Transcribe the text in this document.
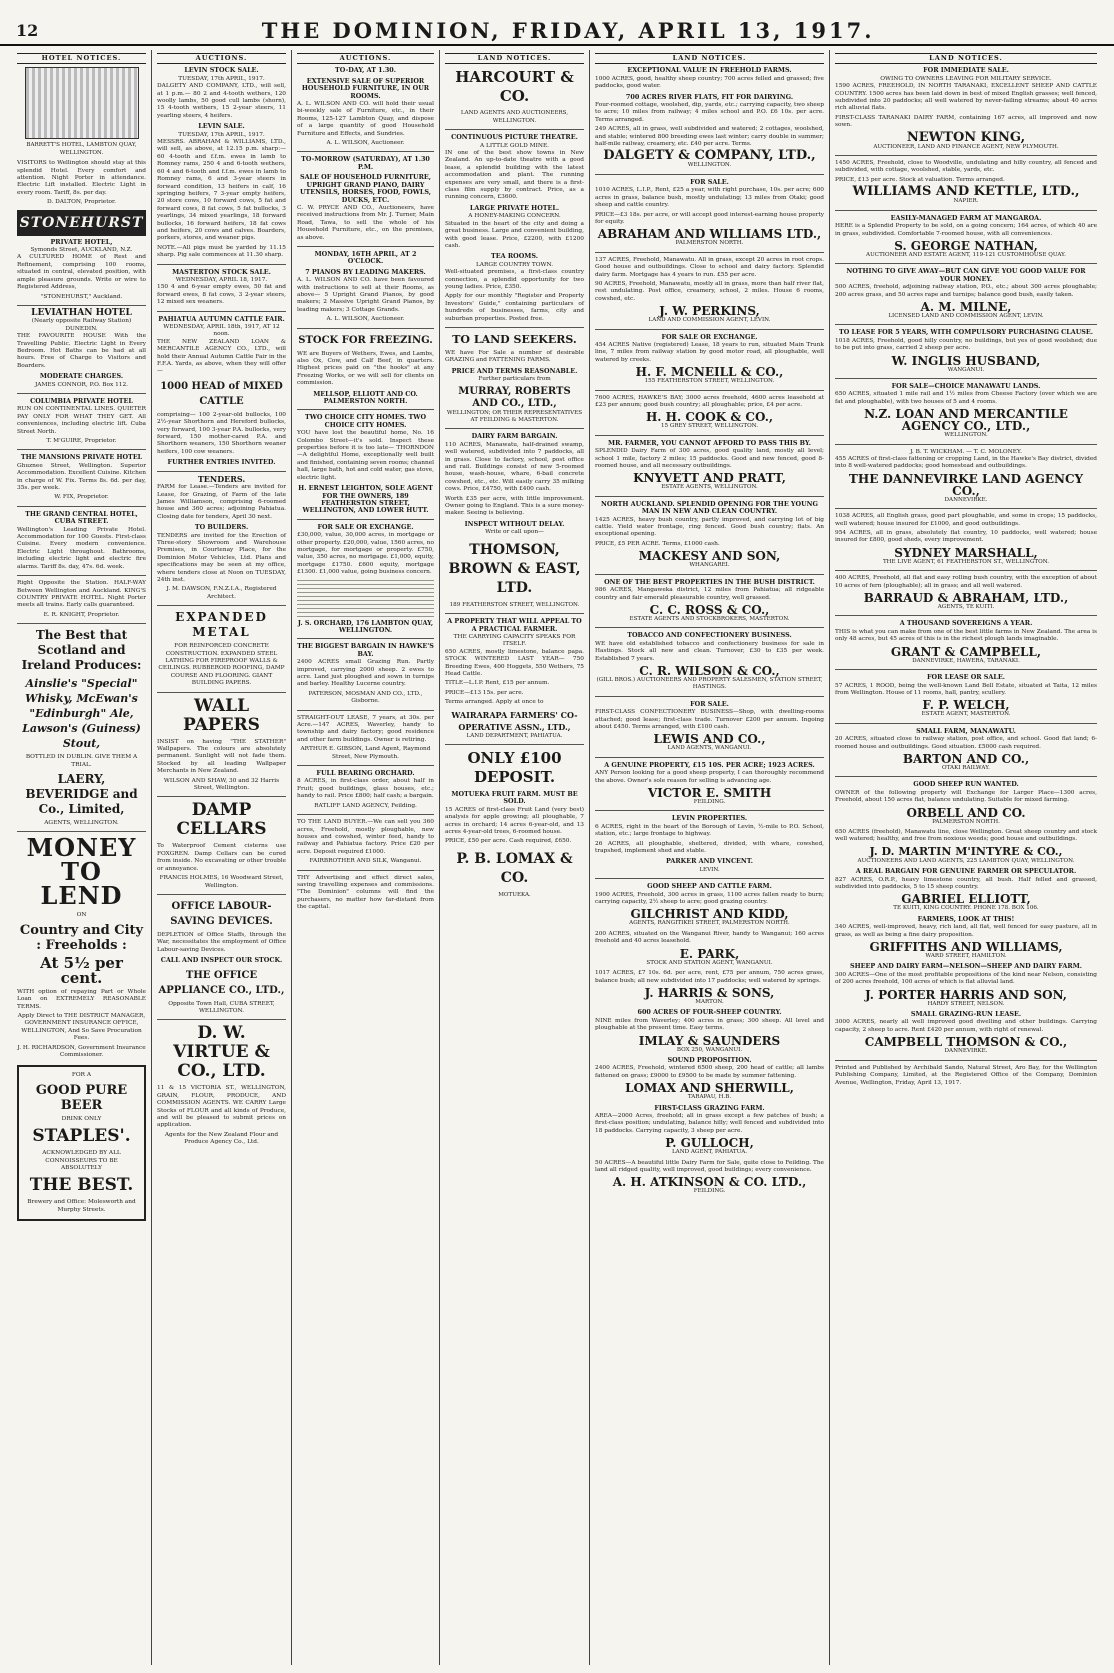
12	THE DOMINION, FRIDAY, APRIL 13, 1917.
HOTEL NOTICES.
BARRETT'S HOTEL, LAMBTON QUAY, WELLINGTON.

VISITORS to Wellington should stay at this splendid Hotel. Every comfort and attention. Night Porter in attendance. Electric Lift installed. Electric Light in every room. Tariff, 8s. per day.

D. DALTON, Proprietor.
STONEHURST
PRIVATE HOTEL,
Symonds Street, AUCKLAND, N.Z.

A CULTURED HOME of Rest and Refinement, comprising 100 rooms, situated in central, elevated position, with ample pleasure grounds. Write or wire to Registered Address,

"STONEHURST," Auckland.
LEVIATHAN HOTEL
(Nearly opposite Railway Station) DUNEDIN.

THE FAVOURITE HOUSE With the Travelling Public. Electric Light in Every Bedroom. Hot Baths can be had at all hours. Free of Charge to Visitors and Boarders.

MODERATE CHARGES.
JAMES CONNOR, P.O. Box 112.
COLUMBIA PRIVATE HOTEL

RUN ON CONTINENTAL LINES. QUIETER PAY ONLY FOR WHAT THEY GET. All conveniences, including electric lift. Cuba Street North.

T. M'GUIRE, Proprietor.
THE MANSIONS PRIVATE HOTEL

Ghuznee Street, Wellington. Superior Accommodation. Excellent Cuisine. Kitchen in charge of W. Fix. Terms 8s. 6d. per day, 35s. per week.

W. FIX, Proprietor.
THE GRAND CENTRAL HOTEL, CUBA STREET.

Wellington's Leading Private Hotel. Accommodation for 100 Guests. First-class Cuisine. Every modern convenience. Electric Light throughout. Bathrooms, including electric light and electric fire alarms. Tariff 8s. day, 47s. 6d. week.

Right Opposite the Station. HALF-WAY Between Wellington and Auckland. KING'S COUNTRY PRIVATE HOTEL. Night Porter meets all trains. Early calls guaranteed.

E. R. KNIGHT, Proprietor.
The Best that Scotland and Ireland Produces:
Ainslie's "Special" Whisky, McEwan's "Edinburgh" Ale, Lawson's (Guiness) Stout,
BOTTLED IN DUBLIN. GIVE THEM A TRIAL.
LAERY, BEVERIDGE and Co., Limited,
AGENTS, WELLINGTON.
MONEY TO LEND
ON
Country and City : Freeholds :
At 5½ per cent.

WITH option of repaying Part or Whole Loan on EXTREMELY REASONABLE TERMS.

Apply Direct to THE DISTRICT MANAGER, GOVERNMENT INSURANCE OFFICE, WELLINGTON, And So Save Procuration Fees.

J. H. RICHARDSON, Government Insurance Commissioner.
FOR A
GOOD PURE BEER
DRINK ONLY
STAPLES'.
ACKNOWLEDGED BY ALL CONNOISSEURS TO BE ABSOLUTELY
THE BEST.
Brewery and Office: Molesworth and Murphy Streets.
AUCTIONS.
LEVIN STOCK SALE.
TUESDAY, 17th APRIL, 1917.

DALGETY AND COMPANY, LTD., will sell, at 1 p.m.— 80 2 and 4-tooth wethers, 120 woolly lambs, 50 good cull lambs (shorn), 15 4-tooth wethers, 15 2-year steers, 11 yearling steers, 4 heifers.

LEVIN SALE.
TUESDAY, 17th APRIL, 1917.

MESSRS. ABRAHAM & WILLIAMS, LTD., will sell, as above, at 12.15 p.m. sharp:— 60 4-tooth and f.f.m. ewes in lamb to Romney rams, 250 4 and 6-tooth wethers, 60 4 and 6-tooth and f.f.m. ewes in lamb to Romney rams, 6 and 3-year steers in forward condition, 13 heifers in calf, 16 springing heifers, 7 3-year empty heifers, 20 store cows, 10 forward cows, 5 fat and forward cows, 8 fat cows, 5 fat bullocks, 3 yearlings, 34 mixed yearlings, 18 forward bullocks, 16 forward heifers, 18 fat cows and heifers, 20 cows and calves. Boarders, porkers, stores, and weaner pigs.

NOTE.—All pigs must be yarded by 11.15 sharp. Pig sale commences at 11.30 sharp.

MASTERTON STOCK SALE.
WEDNESDAY, APRIL 18, 1917.

150 4 and 6-year empty ewes, 50 fat and forward ewes, 8 fat cows, 3 2-year steers, 12 mixed sex weaners.

PAHIATUA AUTUMN CATTLE FAIR.
WEDNESDAY, APRIL 18th, 1917, AT 12 noon.

THE NEW ZEALAND LOAN & MERCANTILE AGENCY CO., LTD., will hold their Annual Autumn Cattle Fair in the F.F.A. Yards, as above, when they will offer—

1000 HEAD of MIXED CATTLE

comprising— 100 2-year-old bullocks, 100 2½-year Shorthorn and Hereford bullocks, very forward, 100 3-year P.A. bullocks, very forward, 150 mother-cared P.A. and Shorthorn weaners, 150 Shorthorn weaner heifers, 100 cow weaners.

FURTHER ENTRIES INVITED.
TENDERS.

FARM for Lease.—Tenders are invited for Lease, for Grazing, of Farm of the late James Williamson, comprising 6-roomed house and 360 acres; adjoining Pahiatua. Closing date for tenders, April 30 next.

TO BUILDERS.

TENDERS are invited for the Erection of Three-story Showroom and Warehouse Premises, in Courtenay Place, for the Dominion Motor Vehicles, Ltd. Plans and specifications may be seen at my office, where tenders close at Noon on TUESDAY, 24th inst.

J. M. DAWSON, F.N.Z.I.A., Registered Architect.
EXPANDED METAL

FOR REINFORCED CONCRETE CONSTRUCTION. EXPANDED STEEL LATHING FOR FIREPROOF WALLS & CEILINGS. RUBBEROID ROOFING, DAMP COURSE AND FLOORING. GIANT BUILDING PAPERS.

WALL PAPERS

INSIST on having "THE STATHER" Wallpapers. The colours are absolutely permanent. Sunlight will not fade them. Stocked by all leading Wallpaper Merchants in New Zealand.

WILSON AND SHAW, 30 and 32 Harris Street, Wellington.
DAMP CELLARS

To Waterproof Cement cisterns use FOXGREN. Damp Cellars can be cured from inside. No excavating or other trouble or annoyance.

FRANCIS HOLMES, 16 Woodward Street, Wellington.
OFFICE LABOUR-SAVING DEVICES.

DEPLETION of Office Staffs, through the War, necessitates the employment of Office Labour-saving Devices.

CALL AND INSPECT OUR STOCK.
THE OFFICE APPLIANCE CO., LTD.,
Opposite Town Hall, CUBA STREET, WELLINGTON.
D. W. VIRTUE & CO., LTD.

11 & 15 VICTORIA ST., WELLINGTON, GRAIN, FLOUR, PRODUCE, AND COMMISSION AGENTS. WE CARRY Large Stocks of FLOUR and all kinds of Produce, and will be pleased to submit prices on application.

Agents for the New Zealand Flour and Produce Agency Co., Ltd.

AUCTIONS.
TO-DAY, AT 1.30.
EXTENSIVE SALE OF SUPERIOR HOUSEHOLD FURNITURE, IN OUR ROOMS.

A. L. WILSON AND CO. will hold their usual bi-weekly sale of Furniture, etc., in their Rooms, 125-127 Lambton Quay, and dispose of a large quantity of good Household Furniture and Effects, and Sundries.

A. L. WILSON, Auctioneer.
TO-MORROW (SATURDAY), AT 1.30 P.M.
SALE OF HOUSEHOLD FURNITURE, UPRIGHT GRAND PIANO, DAIRY UTENSILS, HORSES, FOOD, FOWLS, DUCKS, ETC.

C. W. PRYCE AND CO., Auctioneers, have received instructions from Mr. J. Turner, Main Road, Tawa, to sell the whole of his Household Furniture, etc., on the premises, as above.

MONDAY, 16TH APRIL, AT 2 O'CLOCK.
7 PIANOS BY LEADING MAKERS.

A. L. WILSON AND CO. have been favoured with instructions to sell at their Rooms, as above— 5 Upright Grand Pianos, by good makers; 2 Massive Upright Grand Pianos, by leading makers; 3 Cottage Grands.

A. L. WILSON, Auctioneer.
STOCK FOR FREEZING.

WE are Buyers of Wethers, Ewes, and Lambs, also Ox, Cow, and Calf Beef, in quarters. Highest prices paid on "the hooks" at any Freezing Works, or we will sell for clients on commission.

MELLSOP, ELLIOTT AND CO. PALMERSTON NORTH.
TWO CHOICE CITY HOMES. TWO CHOICE CITY HOMES.

YOU have lost the beautiful home, No. 16 Colombo Street—it's sold. Inspect these properties before it is too late— THORNDON—A delightful Home, exceptionally well built and finished, containing seven rooms; channel hall, large bath, hot and cold water, gas stove, electric light.

H. ERNEST LEIGHTON, SOLE AGENT FOR THE OWNERS, 189 FEATHERSTON STREET, WELLINGTON, AND LOWER HUTT.
FOR SALE OR EXCHANGE.

£30,000, value, 30,000 acres, in mortgage or other property. £20,000, value, 1560 acres, no mortgage, for mortgage or property. £750, value, 350 acres, no mortgage. £1,000, equity, mortgage £1750. £600 equity, mortgage £1300. £1,000 value, going business concern.

J. S. ORCHARD, 176 LAMBTON QUAY, WELLINGTON.
THE BIGGEST BARGAIN IN HAWKE'S BAY.

2400 ACRES small Grazing Run. Partly improved, carrying 2000 sheep. 2 ewes to acre. Land just ploughed and sown in turnips and barley. Healthy Lucerne country.

PATERSON, MOSMAN AND CO., LTD., Gisborne.

STRAIGHT-OUT LEASE, 7 years, at 30s. per Acre.—147 ACRES, Waverley, handy to township and dairy factory; good residence and other farm buildings. Owner is retiring.

ARTHUR E. GIBSON, Land Agent, Raymond Street, New Plymouth.
FULL BEARING ORCHARD.

8 ACRES, in first-class order, about half in Fruit; good buildings, glass houses, etc.; handy to rail. Price £800; half cash; a bargain.

RATLIFF LAND AGENCY, Feilding.

TO THE LAND BUYER.—We can sell you 360 acres, Freehold, mostly ploughable, new houses and cowshed, winter feed, handy to railway and Pahiatua factory. Price £20 per acre. Deposit required £1000.

FAIRBROTHER AND SILK, Wanganui.

THY Advertising and effect direct sales, saving travelling expenses and commissions. "The Dominion" columns will find the purchasers, no matter how far-distant from the capital.

LAND NOTICES.
HARCOURT & CO.
LAND AGENTS AND AUCTIONEERS, WELLINGTON.
CONTINUOUS PICTURE THEATRE.
A LITTLE GOLD MINE.

IN one of the best show towns in New Zealand. An up-to-date theatre with a good lease, a splendid building with the latest accommodation and plant. The running expenses are very small, and there is a first-class film supply by contract. Price, as a running concern, £3600.

LARGE PRIVATE HOTEL.
A HONEY-MAKING CONCERN.

Situated in the heart of the city and doing a great business. Large and convenient building, with good lease. Price, £2200, with £1200 cash.

TEA ROOMS.
LARGE COUNTRY TOWN.

Well-situated premises, a first-class country connection, a splendid opportunity for two young ladies. Price, £350.

Apply for our monthly "Register and Property Investors' Guide," containing particulars of hundreds of businesses, farms, city and suburban properties. Posted free.

TO LAND SEEKERS.

WE have For Sale a number of desirable GRAZING and FATTENING FARMS.

PRICE AND TERMS REASONABLE.
Further particulars from
MURRAY, ROBERTS AND CO., LTD.,
WELLINGTON; OR THEIR REPRESENTATIVES AT FEILDING & MASTERTON.
DAIRY FARM BARGAIN.

110 ACRES, Manawatu, half-drained swamp, well watered, subdivided into 7 paddocks, all in grass. Close to factory, school, post office and rail. Buildings consist of new 5-roomed house, wash-house, whare, 6-bail concrete cowshed, etc., etc. Will easily carry 35 milking cows. Price, £4750, with £400 cash.

Worth £35 per acre, with little improvement. Owner going to England. This is a sure money-maker. Seeing is believing.

INSPECT WITHOUT DELAY.
Write or call upon—
THOMSON, BROWN & EAST, LTD.
189 FEATHERSTON STREET, WELLINGTON.
A PROPERTY THAT WILL APPEAL TO A PRACTICAL FARMER.
THE CARRYING CAPACITY SPEAKS FOR ITSELF.

650 ACRES, mostly limestone, balance papa. STOCK WINTERED LAST YEAR— 750 Breeding Ewes, 400 Hoggets, 550 Wethers, 75 Head Cattle.

TITLE—L.I.P. Rent, £15 per annum.

PRICE—£13 15s. per acre.

Terms arranged. Apply at once to

WAIRARAPA FARMERS' CO-OPERATIVE ASSN., LTD.,
LAND DEPARTMENT, PAHIATUA.
ONLY £100 DEPOSIT.
MOTUEKA FRUIT FARM. MUST BE SOLD.

15 ACRES of first-class Fruit Land (very best) analysis for apple growing; all ploughable, 7 acres in orchard; 14 acres 6-year-old, and 13 acres 4-year-old trees, 6-roomed house.

PRICE, £50 per acre. Cash required, £650.

P. B. LOMAX & CO.
MOTUEKA.
LAND NOTICES.
EXCEPTIONAL VALUE IN FREEHOLD FARMS.

1000 ACRES, good, healthy sheep country; 700 acres felled and grassed; five paddocks, good water.

700 ACRES RIVER FLATS, FIT FOR DAIRYING.

Four-roomed cottage, woolshed, dip, yards, etc.; carrying capacity, two sheep to acre; 10 miles from railway; 4 miles school and P.O. £6 10s. per acre. Terms arranged.

249 ACRES, all in grass, well subdivided and watered; 2 cottages, woolshed, and stable; wintered 800 breeding ewes last winter; carry double in summer; half-mile railway, creamery, etc. £40 per acre. Terms.

DALGETY & COMPANY, LTD.,
WELLINGTON.
FOR SALE.

1010 ACRES, L.I.P., Rent, £25 a year, with right purchase, 10s. per acre; 600 acres in grass, balance bush, mostly undulating; 13 miles from Otaki; good sheep and cattle country.

PRICE—£3 18s. per acre, or will accept good interest-earning house property for equity.

ABRAHAM AND WILLIAMS LTD.,
PALMERSTON NORTH.

137 ACRES, Freehold, Manawatu. All in grass, except 20 acres in root crops. Good house and outbuildings. Close to school and dairy factory. Splendid dairy farm. Mortgage has 4 years to run. £55 per acre.

90 ACRES, Freehold, Manawatu, mostly all in grass, more than half river flat, rest undulating. Post office, creamery, school, 2 miles. House 6 rooms, cowshed, etc.

J. W. PERKINS,
LAND AND COMMISSION AGENT, LEVIN.
FOR SALE OR EXCHANGE.

454 ACRES Native (registered) Lease, 18 years to run, situated Main Trunk line, 7 miles from railway station by good motor road, all ploughable, well watered by creeks.

H. F. MCNEILL & CO.,
155 FEATHERSTON STREET, WELLINGTON.

7600 ACRES, HAWKE'S BAY; 3000 acres freehold, 4600 acres leasehold at £23 per annum; good bush country; all ploughable; price, £4 per acre.

H. H. COOK & CO.,
15 GREY STREET, WELLINGTON.
MR. FARMER, YOU CANNOT AFFORD TO PASS THIS BY.

SPLENDID Dairy Farm of 300 acres, good quality land, mostly all level; school 1 mile, factory 2 miles; 15 paddocks. Good and new fenced, good 8-roomed house, and all necessary outbuildings.

KNYVETT AND PRATT,
ESTATE AGENTS, WELLINGTON.
NORTH AUCKLAND. SPLENDID OPENING FOR THE YOUNG MAN IN NEW AND CLEAN COUNTRY.

1425 ACRES, heavy bush country, partly improved, and carrying lot of big cattle. Yield water frontage, ring fenced. Good bush country; flats. An exceptional opening.

PRICE, £5 PER ACRE. Terms, £1000 cash.

MACKESY AND SON,
WHANGAREI.
ONE OF THE BEST PROPERTIES IN THE BUSH DISTRICT.

986 ACRES, Mangaweka district, 12 miles from Pahiatua; all ridgeable country and fair emerald pleasurable country, well grassed.

C. C. ROSS & CO.,
ESTATE AGENTS AND STOCKBROKERS, MASTERTON.
TOBACCO AND CONFECTIONERY BUSINESS.

WE have old established tobacco and confectionery business for sale in Hastings. Stock all new and clean. Turnover, £30 to £35 per week. Established 7 years.

C. R. WILSON & CO.,
(GILL BROS.) AUCTIONEERS AND PROPERTY SALESMEN, STATION STREET, HASTINGS.
FOR SALE.

FIRST-CLASS CONFECTIONERY BUSINESS—Shop, with dwelling-rooms attached; good lease; first-class trade. Turnover £200 per annum. Ingoing about £450. Terms arranged, with £100 cash.

LEWIS AND CO.,
LAND AGENTS, WANGANUI.
A GENUINE PROPERTY, £15 10S. PER ACRE; 1923 ACRES.

ANY Person looking for a good sheep property, I can thoroughly recommend the above. Owner's sole reason for selling is advancing age.

VICTOR E. SMITH
FEILDING.
LEVIN PROPERTIES.

6 ACRES, right in the heart of the Borough of Levin, ½-mile to P.O. School, station, etc.; large frontage to highway.

26 ACRES, all ploughable, sheltered, divided, with whare, cowshed, trapshed, implement shed and stable.

PARKER AND VINCENT.
LEVIN.
GOOD SHEEP AND CATTLE FARM.

1900 ACRES, Freehold, 300 acres in grass, 1100 acres fallen ready to burn; carrying capacity, 2½ sheep to acre; good grazing country.

GILCHRIST AND KIDD,
AGENTS, RANGITIKEI STREET, PALMERSTON NORTH.

200 ACRES, situated on the Wanganui River, handy to Wanganui; 160 acres freehold and 40 acres leasehold.

E. PARK,
STOCK AND STATION AGENT, WANGANUI.

1017 ACRES, £7 10s. 6d. per acre, rent, £75 per annum, 750 acres grass, balance bush; all new subdivided into 17 paddocks; well watered by springs.

J. HARRIS & SONS,
MARTON.
600 ACRES OF FOUR-SHEEP COUNTRY.

NINE miles from Waverley; 400 acres in grass; 300 sheep. All level and ploughable at the present time. Easy terms.

IMLAY & SAUNDERS
BOX 250, WANGANUI.
SOUND PROPOSITION.

2400 ACRES, Freehold, wintered 6500 sheep, 200 head of cattle; all lambs fattened on grass; £9000 to £9500 to be made by summer fattening.

LOMAX AND SHERWILL,
TARAPAU, H.B.
FIRST-CLASS GRAZING FARM.

AREA—2000 Acres, freehold; all in grass except a few patches of bush; a first-class position; undulating, balance hilly; well fenced and subdivided into 18 paddocks. Carrying capacity, 3 sheep per acre.

P. GULLOCH,
LAND AGENT, PAHIATUA.

50 ACRES—A beautiful little Dairy Farm for Sale, quite close to Feilding. The land all ridged quality, well improved, good buildings; every convenience.

A. H. ATKINSON & CO. LTD.,
FEILDING.
LAND NOTICES.
FOR IMMEDIATE SALE.
OWING TO OWNERS LEAVING FOR MILITARY SERVICE.

1590 ACRES, FREEHOLD, IN NORTH TARANAKI, EXCELLENT SHEEP AND CATTLE COUNTRY. 1500 acres has been laid down in best of mixed English grasses; well fenced, subdivided into 20 paddocks; all well watered by never-failing streams; about 40 acres rich alluvial flats.

FIRST-CLASS TARANAKI DAIRY FARM, containing 167 acres, all improved and now sown.

NEWTON KING,
AUCTIONEER, LAND AND FINANCE AGENT, NEW PLYMOUTH.

1450 ACRES, Freehold, close to Woodville, undulating and hilly country, all fenced and subdivided, with cottage, woolshed, stable, yards, etc.

PRICE, £13 per acre. Stock at valuation. Terms arranged.

WILLIAMS AND KETTLE, LTD.,
NAPIER.
EASILY-MANAGED FARM AT MANGAROA.

HERE is a Splendid Property to be sold, on a going concern; 164 acres, of which 40 are in grass, subdivided. Comfortable 7-roomed house, with all conveniences.

S. GEORGE NATHAN,
AUCTIONEER AND ESTATE AGENT, 119-121 CUSTOMHOUSE QUAY.
NOTHING TO GIVE AWAY—BUT CAN GIVE YOU GOOD VALUE FOR YOUR MONEY.

500 ACRES, freehold, adjoining railway station, P.O., etc.; about 300 acres ploughable; 200 acres grass, and 50 acres rape and turnips; balance good bush, easily taken.

A. M. MILNE,
LICENSED LAND AND COMMISSION AGENT, LEVIN.
TO LEASE FOR 5 YEARS, WITH COMPULSORY PURCHASING CLAUSE.

1018 ACRES, Freehold, good hilly country, no buildings, but yes of good woolshed; due to be put into grass, carried 2 sheep per acre.

W. INGLIS HUSBAND,
WANGANUI.
FOR SALE—CHOICE MANAWATU LANDS.

650 ACRES, situated 1 mile rail and 1½ miles from Cheese Factory (over which we are fat and ploughable), with two houses of 5 and 4 rooms.

N.Z. LOAN AND MERCANTILE AGENCY CO., LTD.,
WELLINGTON.
J. B. T. WICKHAM. — T. C. MOLONEY.

455 ACRES of first-class fattening or cropping Land, in the Hawke's Bay district, divided into 8 well-watered paddocks; good homestead and outbuildings.

THE DANNEVIRKE LAND AGENCY CO.,
DANNEVIRKE.

1038 ACRES, all English grass, good part ploughable, and some in crops; 15 paddocks, well watered; house insured for £1000, and good outbuildings.

954 ACRES, all in grass, absolutely flat country, 10 paddocks, well watered; house insured for £800, good sheds, every improvement.

SYDNEY MARSHALL,
THE LIVE AGENT, 61 FEATHERSTON ST., WELLINGTON.

400 ACRES, Freehold, all flat and easy rolling bush country, with the exception of about 10 acres of fern (ploughable); all in grass; and all well watered.

BARRAUD & ABRAHAM, LTD.,
AGENTS, TE KUITI.
A THOUSAND SOVEREIGNS A YEAR.

THIS is what you can make from one of the best little farms in New Zealand. The area is only 48 acres, but 45 acres of this is in the richest plough lands imaginable.

GRANT & CAMPBELL,
DANNEVIRKE, HAWERA, TARANAKI.
FOR LEASE OR SALE.

57 ACRES, 1 ROOD, being the well-known Land Bell Estate, situated at Taita, 12 miles from Wellington. House of 11 rooms, hall, pantry, scullery.

F. P. WELCH,
ESTATE AGENT, MASTERTON.
SMALL FARM, MANAWATU.

20 ACRES, situated close to railway station, post office, and school. Good flat land; 6-roomed house and outbuildings. Good situation. £5000 cash required.

BARTON AND CO.,
OTAKI RAILWAY.
GOOD SHEEP RUN WANTED.

OWNER of the following property will Exchange for Larger Place—1300 acres, Freehold, about 150 acres flat, balance undulating. Suitable for mixed farming.

ORBELL AND CO.
PALMERSTON NORTH.

650 ACRES (freehold), Manawatu line, close Wellington. Great sheep country and stock well watered; healthy, and free from noxious weeds; good house and outbuildings.

J. D. MARTIN M'INTYRE & CO.,
AUCTIONEERS AND LAND AGENTS, 225 LAMBTON QUAY, WELLINGTON.
A REAL BARGAIN FOR GENUINE FARMER OR SPECULATOR.

827 ACRES, O.R.P., heavy limestone country, all bush. Half felled and grassed, subdivided into paddocks, 5 to 15 sheep country.

GABRIEL ELLIOTT,
TE KUITI, KING COUNTRY. PHONE 178. BOX 106.
FARMERS, LOOK AT THIS!

340 ACRES, well-improved, heavy, rich land, all flat, well fenced for easy pasture, all in grass, as well as being a fine dairy proposition.

GRIFFITHS AND WILLIAMS,
WARD STREET, HAMILTON.
SHEEP AND DAIRY FARM—NELSON—SHEEP AND DAIRY FARM.

300 ACRES—One of the most profitable propositions of the kind near Nelson, consisting of 200 acres freehold, 100 acres of which is flat alluvial land.

J. PORTER HARRIS AND SON,
HARDY STREET, NELSON.
SMALL GRAZING-RUN LEASE.

3000 ACRES, nearly all well improved good dwelling and other buildings. Carrying capacity, 2 sheep to acre. Rent £420 per annum, with right of renewal.

CAMPBELL THOMSON & CO.,
DANNEVIRKE.

Printed and Published by Archibald Sando, Natural Street, Aro Bay, for the Wellington Publishing Company, Limited, at the Registered Office of the Company, Dominion Avenue, Wellington, Friday, April 13, 1917.
